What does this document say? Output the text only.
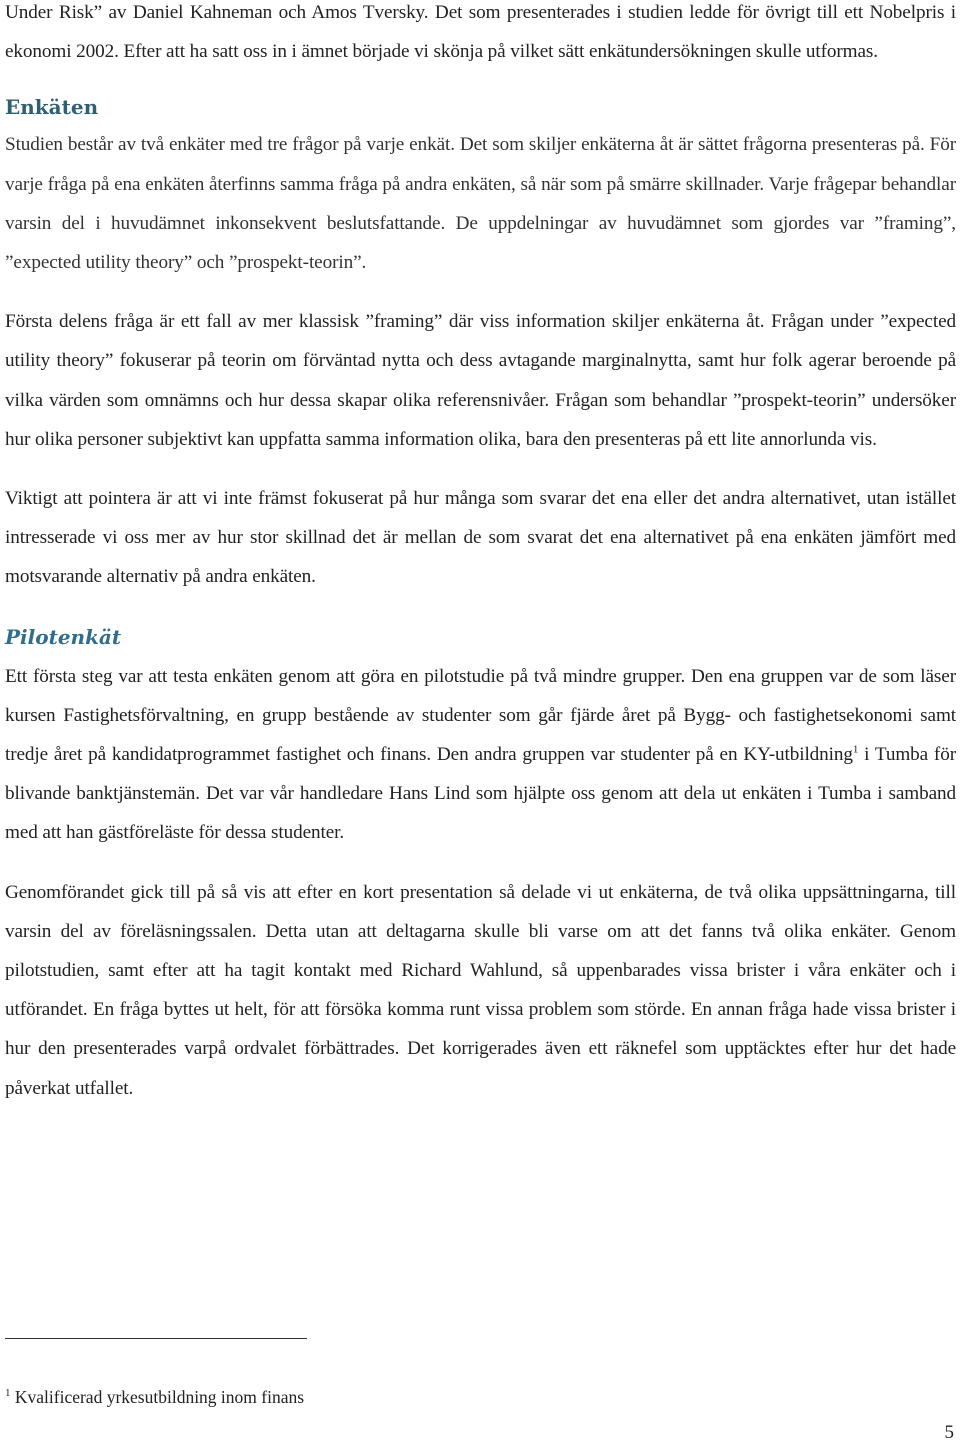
Under Risk” av Daniel Kahneman och Amos Tversky. Det som presenterades i studien ledde för övrigt till ett Nobelpris i ekonomi 2002. Efter att ha satt oss in i ämnet började vi skönja på vilket sätt enkätundersökningen skulle utformas.

Enkäten

Studien består av två enkäter med tre frågor på varje enkät. Det som skiljer enkäterna åt är sättet frågorna presenteras på. För varje fråga på ena enkäten återfinns samma fråga på andra enkäten, så när som på smärre skillnader. Varje frågepar behandlar varsin del i huvudämnet inkonsekvent beslutsfattande. De uppdelningar av huvudämnet som gjordes var ”framing”, ”expected utility theory” och ”prospekt-teorin”.

Första delens fråga är ett fall av mer klassisk ”framing” där viss information skiljer enkäterna åt. Frågan under ”expected utility theory” fokuserar på teorin om förväntad nytta och dess avtagande marginalnytta, samt hur folk agerar beroende på vilka värden som omnämns och hur dessa skapar olika referensnivåer. Frågan som behandlar ”prospekt-teorin” undersöker hur olika personer subjektivt kan uppfatta samma information olika, bara den presenteras på ett lite annorlunda vis.

Viktigt att pointera är att vi inte främst fokuserat på hur många som svarar det ena eller det andra alternativet, utan istället intresserade vi oss mer av hur stor skillnad det är mellan de som svarat det ena alternativet på ena enkäten jämfört med motsvarande alternativ på andra enkäten.

Pilotenkät

Ett första steg var att testa enkäten genom att göra en pilotstudie på två mindre grupper. Den ena gruppen var de som läser kursen Fastighetsförvaltning, en grupp bestående av studenter som går fjärde året på Bygg- och fastighetsekonomi samt tredje året på kandidatprogrammet fastighet och finans. Den andra gruppen var studenter på en KY-utbildning$^1$ i Tumba för blivande banktjänstemän. Det var vår handledare Hans Lind som hjälpte oss genom att dela ut enkäten i Tumba i samband med att han gästföreläste för dessa studenter.

Genomförandet gick till på så vis att efter en kort presentation så delade vi ut enkäterna, de två olika uppsättningarna, till varsin del av föreläsningssalen. Detta utan att deltagarna skulle bli varse om att det fanns två olika enkäter. Genom pilotstudien, samt efter att ha tagit kontakt med Richard Wahlund, så uppenbarades vissa brister i våra enkäter och i utförandet. En fråga byttes ut helt, för att försöka komma runt vissa problem som störde. En annan fråga hade vissa brister i hur den presenterades varpå ordvalet förbättrades. Det korrigerades även ett räknefel som upptäcktes efter hur det hade påverkat utfallet.

$^1$ Kvalificerad yrkesutbildning inom finans
5
